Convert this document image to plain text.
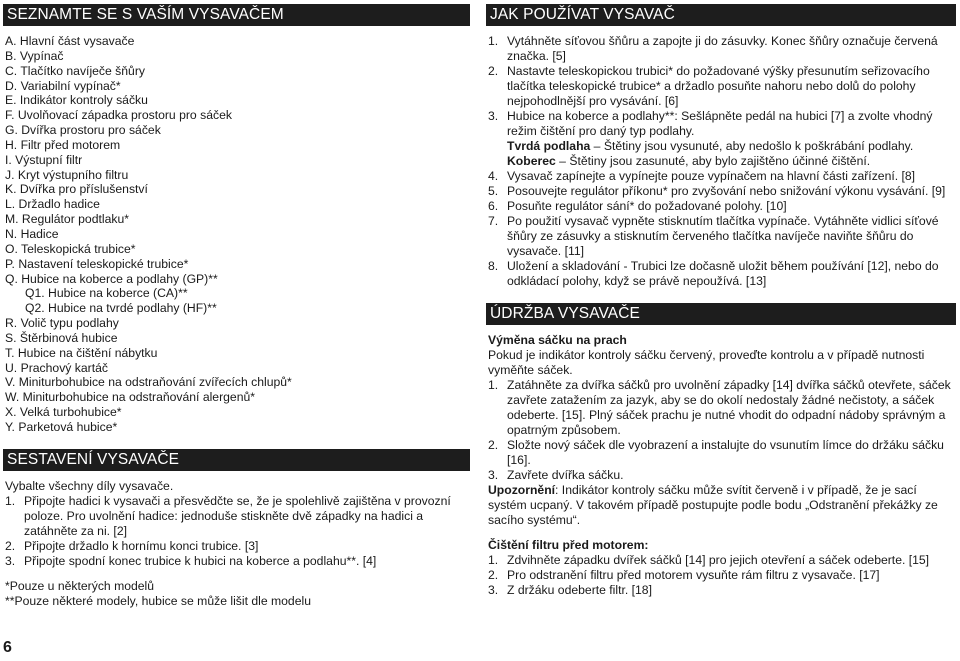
SEZNAMTE SE S VAŠÍM VYSAVAČEM
A. Hlavní část vysavače
B. Vypínač
C. Tlačítko navíječe šňůry
D. Variabilní vypínač*
E. Indikátor kontroly sáčku
F. Uvolňovací západka prostoru pro sáček
G. Dvířka prostoru pro sáček
H. Filtr před motorem
I. Výstupní filtr
J. Kryt výstupního filtru
K. Dvířka pro příslušenství
L. Držadlo hadice
M. Regulátor podtlaku*
N. Hadice
O. Teleskopická trubice*
P. Nastavení teleskopické trubice*
Q. Hubice na koberce a podlahy (GP)**
Q1. Hubice na koberce (CA)**
Q2. Hubice na tvrdé podlahy (HF)**
R. Volič typu podlahy
S. Štěrbinová hubice
T. Hubice na čištění nábytku
U. Prachový kartáč
V. Miniturbohubice na odstraňování zvířecích chlupů*
W. Miniturbohubice na odstraňování alergenů*
X. Velká turbohubice*
Y. Parketová hubice*
SESTAVENÍ VYSAVAČE

Vybalte všechny díly vysavače.

1. Připojte hadici k vysavači a přesvědčte se, že je spolehlivě zajištěna v provozní poloze. Pro uvolnění hadice: jednoduše stiskněte dvě západky na hadici a zatáhněte za ni. [2]
2. Připojte držadlo k hornímu konci trubice. [3]
3. Připojte spodní konec trubice k hubici na koberce a podlahu**. [4]

*Pouze u některých modelů

**Pouze některé modely, hubice se může lišit dle modelu

6
JAK POUŽÍVAT VYSAVAČ
1. Vytáhněte síťovou šňůru a zapojte ji do zásuvky. Konec šňůry označuje červená značka. [5]
2. Nastavte teleskopickou trubici* do požadované výšky přesunutím seřizovacího tlačítka teleskopické trubice* a držadlo posuňte nahoru nebo dolů do polohy nejpohodlnější pro vysávání. [6]
3. Hubice na koberce a podlahy**: Sešlápněte pedál na hubici [7] a zvolte vhodný režim čištění pro daný typ podlahy.

Tvrdá podlaha – Štětiny jsou vysunuté, aby nedošlo k poškrábání podlahy.

Koberec – Štětiny jsou zasunuté, aby bylo zajištěno účinné čištění.

4. Vysavač zapínejte a vypínejte pouze vypínačem na hlavní části zařízení. [8]
5. Posouvejte regulátor příkonu* pro zvyšování nebo snižování výkonu vysávání. [9]
6. Posuňte regulátor sání* do požadované polohy. [10]
7. Po použití vysavač vypněte stisknutím tlačítka vypínače. Vytáhněte vidlici síťové šňůry ze zásuvky a stisknutím červeného tlačítka navíječe naviňte šňůru do vysavače. [11]
8. Uložení a skladování - Trubici lze dočasně uložit během používání [12], nebo do odkládací polohy, když se právě nepoužívá. [13]
ÚDRŽBA VYSAVAČE

Výměna sáčku na prach

Pokud je indikátor kontroly sáčku červený, proveďte kontrolu a v případě nutnosti vyměňte sáček.

1. Zatáhněte za dvířka sáčků pro uvolnění západky [14] dvířka sáčků otevřete, sáček zavřete zatažením za jazyk, aby se do okolí nedostaly žádné nečistoty, a sáček odeberte. [15]. Plný sáček prachu je nutné vhodit do odpadní nádoby správným a opatrným způsobem.
2. Složte nový sáček dle vyobrazení a instalujte do vsunutím límce do držáku sáčku [16].
3. Zavřete dvířka sáčku.

Upozornění: Indikátor kontroly sáčku může svítit červeně i v případě, že je sací systém ucpaný. V takovém případě postupujte podle bodu „Odstranění překážky ze sacího systému“.

Čištění filtru před motorem:

1. Zdvihněte západku dvířek sáčků [14] pro jejich otevření a sáček odeberte. [15]
2. Pro odstranění filtru před motorem vysuňte rám filtru z vysavače. [17]
3. Z držáku odeberte filtr. [18]
